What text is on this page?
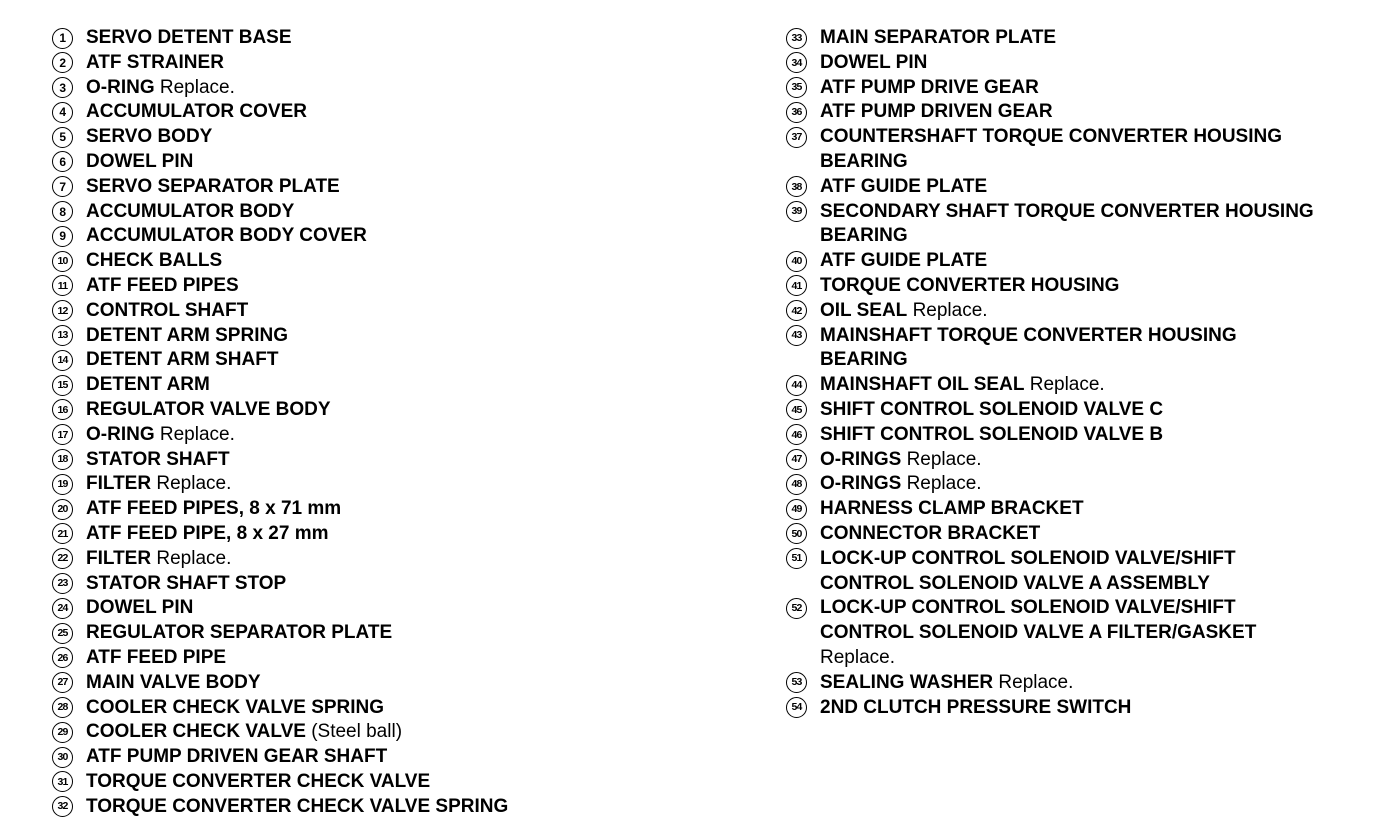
1	SERVO DETENT BASE
2	ATF STRAINER
3	O-RING Replace.
4	ACCUMULATOR COVER
5	SERVO BODY
6	DOWEL PIN
7	SERVO SEPARATOR PLATE
8	ACCUMULATOR BODY
9	ACCUMULATOR BODY COVER
10 CHECK BALLS
11 ATF FEED PIPES
12 CONTROL SHAFT
13 DETENT ARM SPRING
14 DETENT ARM SHAFT
15 DETENT ARM
16 REGULATOR VALVE BODY
17 O-RING Replace.
18 STATOR SHAFT
19 FILTER Replace.
20 ATF FEED PIPES, 8 x 71 mm
21 ATF FEED PIPE, 8 x 27 mm
22 FILTER Replace.
23 STATOR SHAFT STOP
24 DOWEL PIN
25 REGULATOR SEPARATOR PLATE
26 ATF FEED PIPE
27 MAIN VALVE BODY
28 COOLER CHECK VALVE SPRING
29 COOLER CHECK VALVE (Steel ball)
30 ATF PUMP DRIVEN GEAR SHAFT
31 TORQUE CONVERTER CHECK VALVE
32 TORQUE CONVERTER CHECK VALVE SPRING
33 MAIN SEPARATOR PLATE
34 DOWEL PIN
35 ATF PUMP DRIVE GEAR
36 ATF PUMP DRIVEN GEAR
37 COUNTERSHAFT TORQUE CONVERTER HOUSING
BEARING
38 ATF GUIDE PLATE
39 SECONDARY SHAFT TORQUE CONVERTER HOUSING
BEARING
40 ATF GUIDE PLATE
41 TORQUE CONVERTER HOUSING
42 OIL SEAL Replace.
43 MAINSHAFT TORQUE CONVERTER HOUSING
BEARING
44 MAINSHAFT OIL SEAL Replace.
45 SHIFT CONTROL SOLENOID VALVE C
46 SHIFT CONTROL SOLENOID VALVE B
47 O-RINGS Replace.
48 O-RINGS Replace.
49 HARNESS CLAMP BRACKET
50 CONNECTOR BRACKET
51 LOCK-UP CONTROL SOLENOID VALVE/SHIFT
CONTROL SOLENOID VALVE A ASSEMBLY
52 LOCK-UP CONTROL SOLENOID VALVE/SHIFT
CONTROL SOLENOID VALVE A FILTER/GASKET
Replace.
53 SEALING WASHER Replace.
54 2ND CLUTCH PRESSURE SWITCH
